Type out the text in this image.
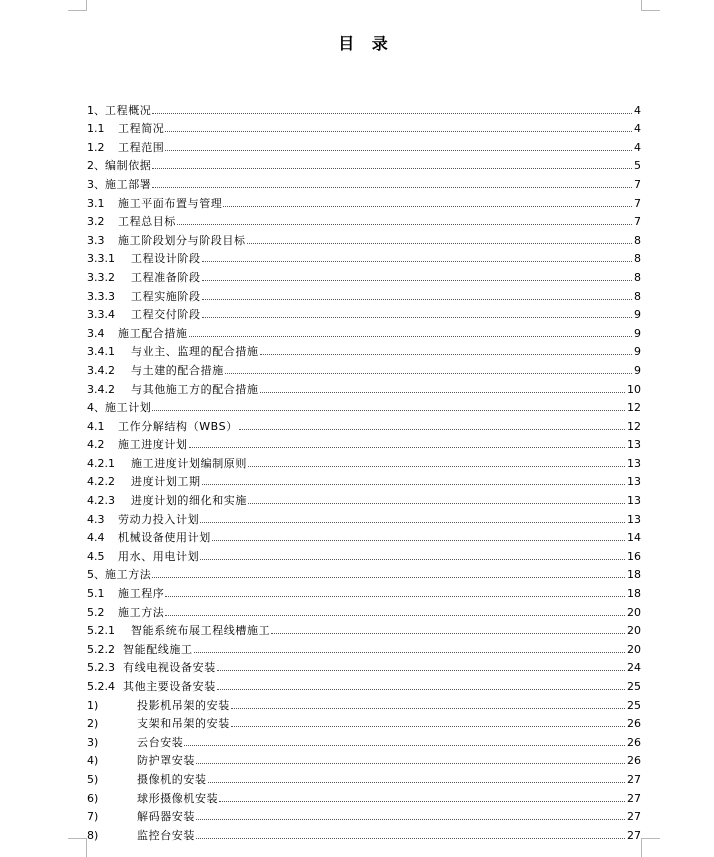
目 录
1、 工程概况	4
1.1	工程简况	4
1.2	工程范围	4
2、 编制依据	5
3、 施工部署	7
3.1	施工平面布置与管理	7
3.2	工程总目标	7
3.3	施工阶段划分与阶段目标	8
3.3.1	工程设计阶段	8
3.3.2	工程准备阶段	8
3.3.3	工程实施阶段	8
3.3.4	工程交付阶段	9
3.4	施工配合措施	9
3.4.1	与业主、监理的配合措施	9
3.4.2	与土建的配合措施	9
3.4.2	与其他施工方的配合措施	10
4、 施工计划	12
4.1	工作分解结构（WBS）	12
4.2	施工进度计划	13
4.2.1	施工进度计划编制原则	13
4.2.2	进度计划工期	13
4.2.3	进度计划的细化和实施	13
4.3	劳动力投入计划	13
4.4	机械设备使用计划	14
4.5	用水、用电计划	16
5、 施工方法	18
5.1	施工程序	18
5.2	施工方法	20
5.2.1	智能系统布展工程线槽施工	20
5.2.2 智能配线施工	20
5.2.3 有线电视设备安装	24
5.2.4 其他主要设备安装	25
1)	投影机吊架的安装	25
2)	支架和吊架的安装	26
3)	云台安装	26
4)	防护罩安装	26
5)	摄像机的安装	27
6)	球形摄像机安装	27
7)	解码器安装	27
8)	监控台安装	27
